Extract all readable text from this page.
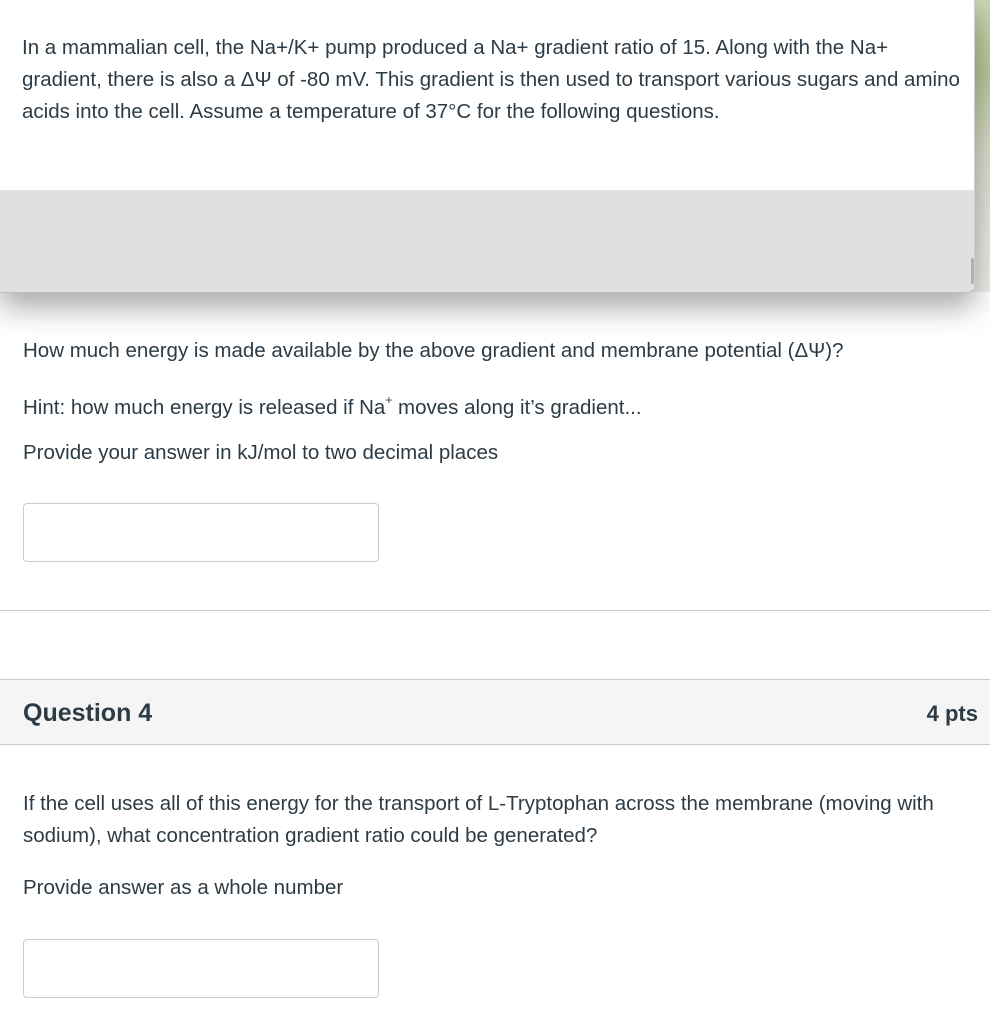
In a mammalian cell, the Na+/K+ pump produced a Na+ gradient ratio of 15. Along with the Na+ gradient, there is also a ΔΨ of -80 mV. This gradient is then used to transport various sugars and amino acids into the cell. Assume a temperature of 37°C for the following questions.
How much energy is made available by the above gradient and membrane potential (ΔΨ)?
Hint: how much energy is released if Na+ moves along it’s gradient...
Provide your answer in kJ/mol to two decimal places
Question 4	4 pts
If the cell uses all of this energy for the transport of L-Tryptophan across the membrane (moving with sodium), what concentration gradient ratio could be generated?
Provide answer as a whole number
